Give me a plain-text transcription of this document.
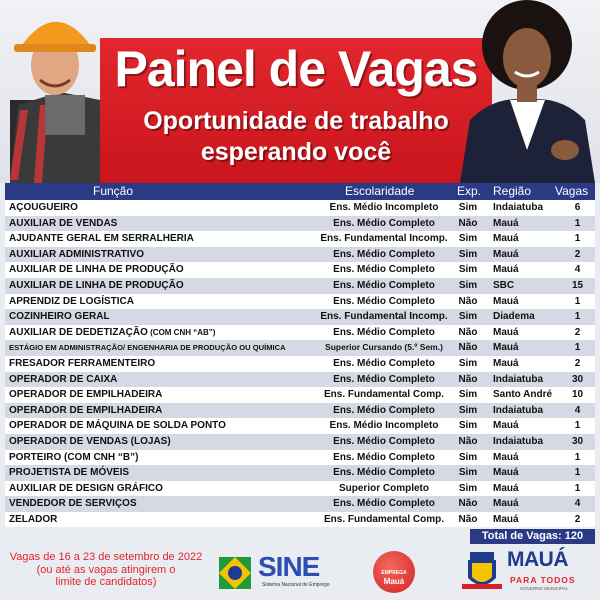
Painel de Vagas
Oportunidade de trabalho
esperando você
Função	Escolaridade	Exp. Região Vagas
AÇOUGUEIRO	Ens. Médio Incompleto	Sim	Indaiatuba	6
AUXILIAR DE VENDAS	Ens. Médio Completo	Não	Mauá	1
AJUDANTE GERAL EM SERRALHERIA	Ens. Fundamental Incomp.	Sim	Mauá	1
AUXILIAR ADMINISTRATIVO	Ens. Médio Completo	Sim	Mauá	2
AUXILIAR DE LINHA DE PRODUÇÃO	Ens. Médio Completo	Sim	Mauá	4
AUXILIAR DE LINHA DE PRODUÇÃO	Ens. Médio Completo	Sim	SBC	15
APRENDIZ DE LOGÍSTICA	Ens. Médio Completo	Não	Mauá	1
COZINHEIRO GERAL	Ens. Fundamental Incomp.	Sim	Diadema	1
AUXILIAR DE DEDETIZAÇÃO (COM CNH “AB”)	Ens. Médio Completo	Não	Mauá	2
ESTÁGIO EM ADMINISTRAÇÃO/ ENGENHARIA DE PRODUÇÃO OU QUÍMICA	Superior Cursando (5.º Sem.)	Não	Mauá	1
FRESADOR FERRAMENTEIRO	Ens. Médio Completo	Sim	Mauá	2
OPERADOR DE CAIXA	Ens. Médio Completo	Não	Indaiatuba	30
OPERADOR DE EMPILHADEIRA	Ens. Fundamental Comp.	Sim	Santo André	10
OPERADOR DE EMPILHADEIRA	Ens. Médio Completo	Sim	Indaiatuba	4
OPERADOR DE MÁQUINA DE SOLDA PONTO	Ens. Médio Incompleto	Sim	Mauá	1
OPERADOR DE VENDAS (LOJAS)	Ens. Médio Completo	Não	Indaiatuba	30
PORTEIRO (COM CNH “B”)	Ens. Médio Completo	Sim	Mauá	1
PROJETISTA DE MÓVEIS	Ens. Médio Completo	Sim	Mauá	1
AUXILIAR DE DESIGN GRÁFICO	Superior Completo	Sim	Mauá	1
VENDEDOR DE SERVIÇOS	Ens. Médio Completo	Não	Mauá	4
ZELADOR	Ens. Fundamental Comp.	Não	Mauá	2
Total de Vagas: 120
Vagas de 16 a 23 de setembro de 2022
(ou até as vagas atingirem o
limite de candidatos)	SINE
Sistema Nacional de Emprego
EMPREGA
Mauá
MAUÁ
PARA TODOS
GOVERNO MUNICIPAL
